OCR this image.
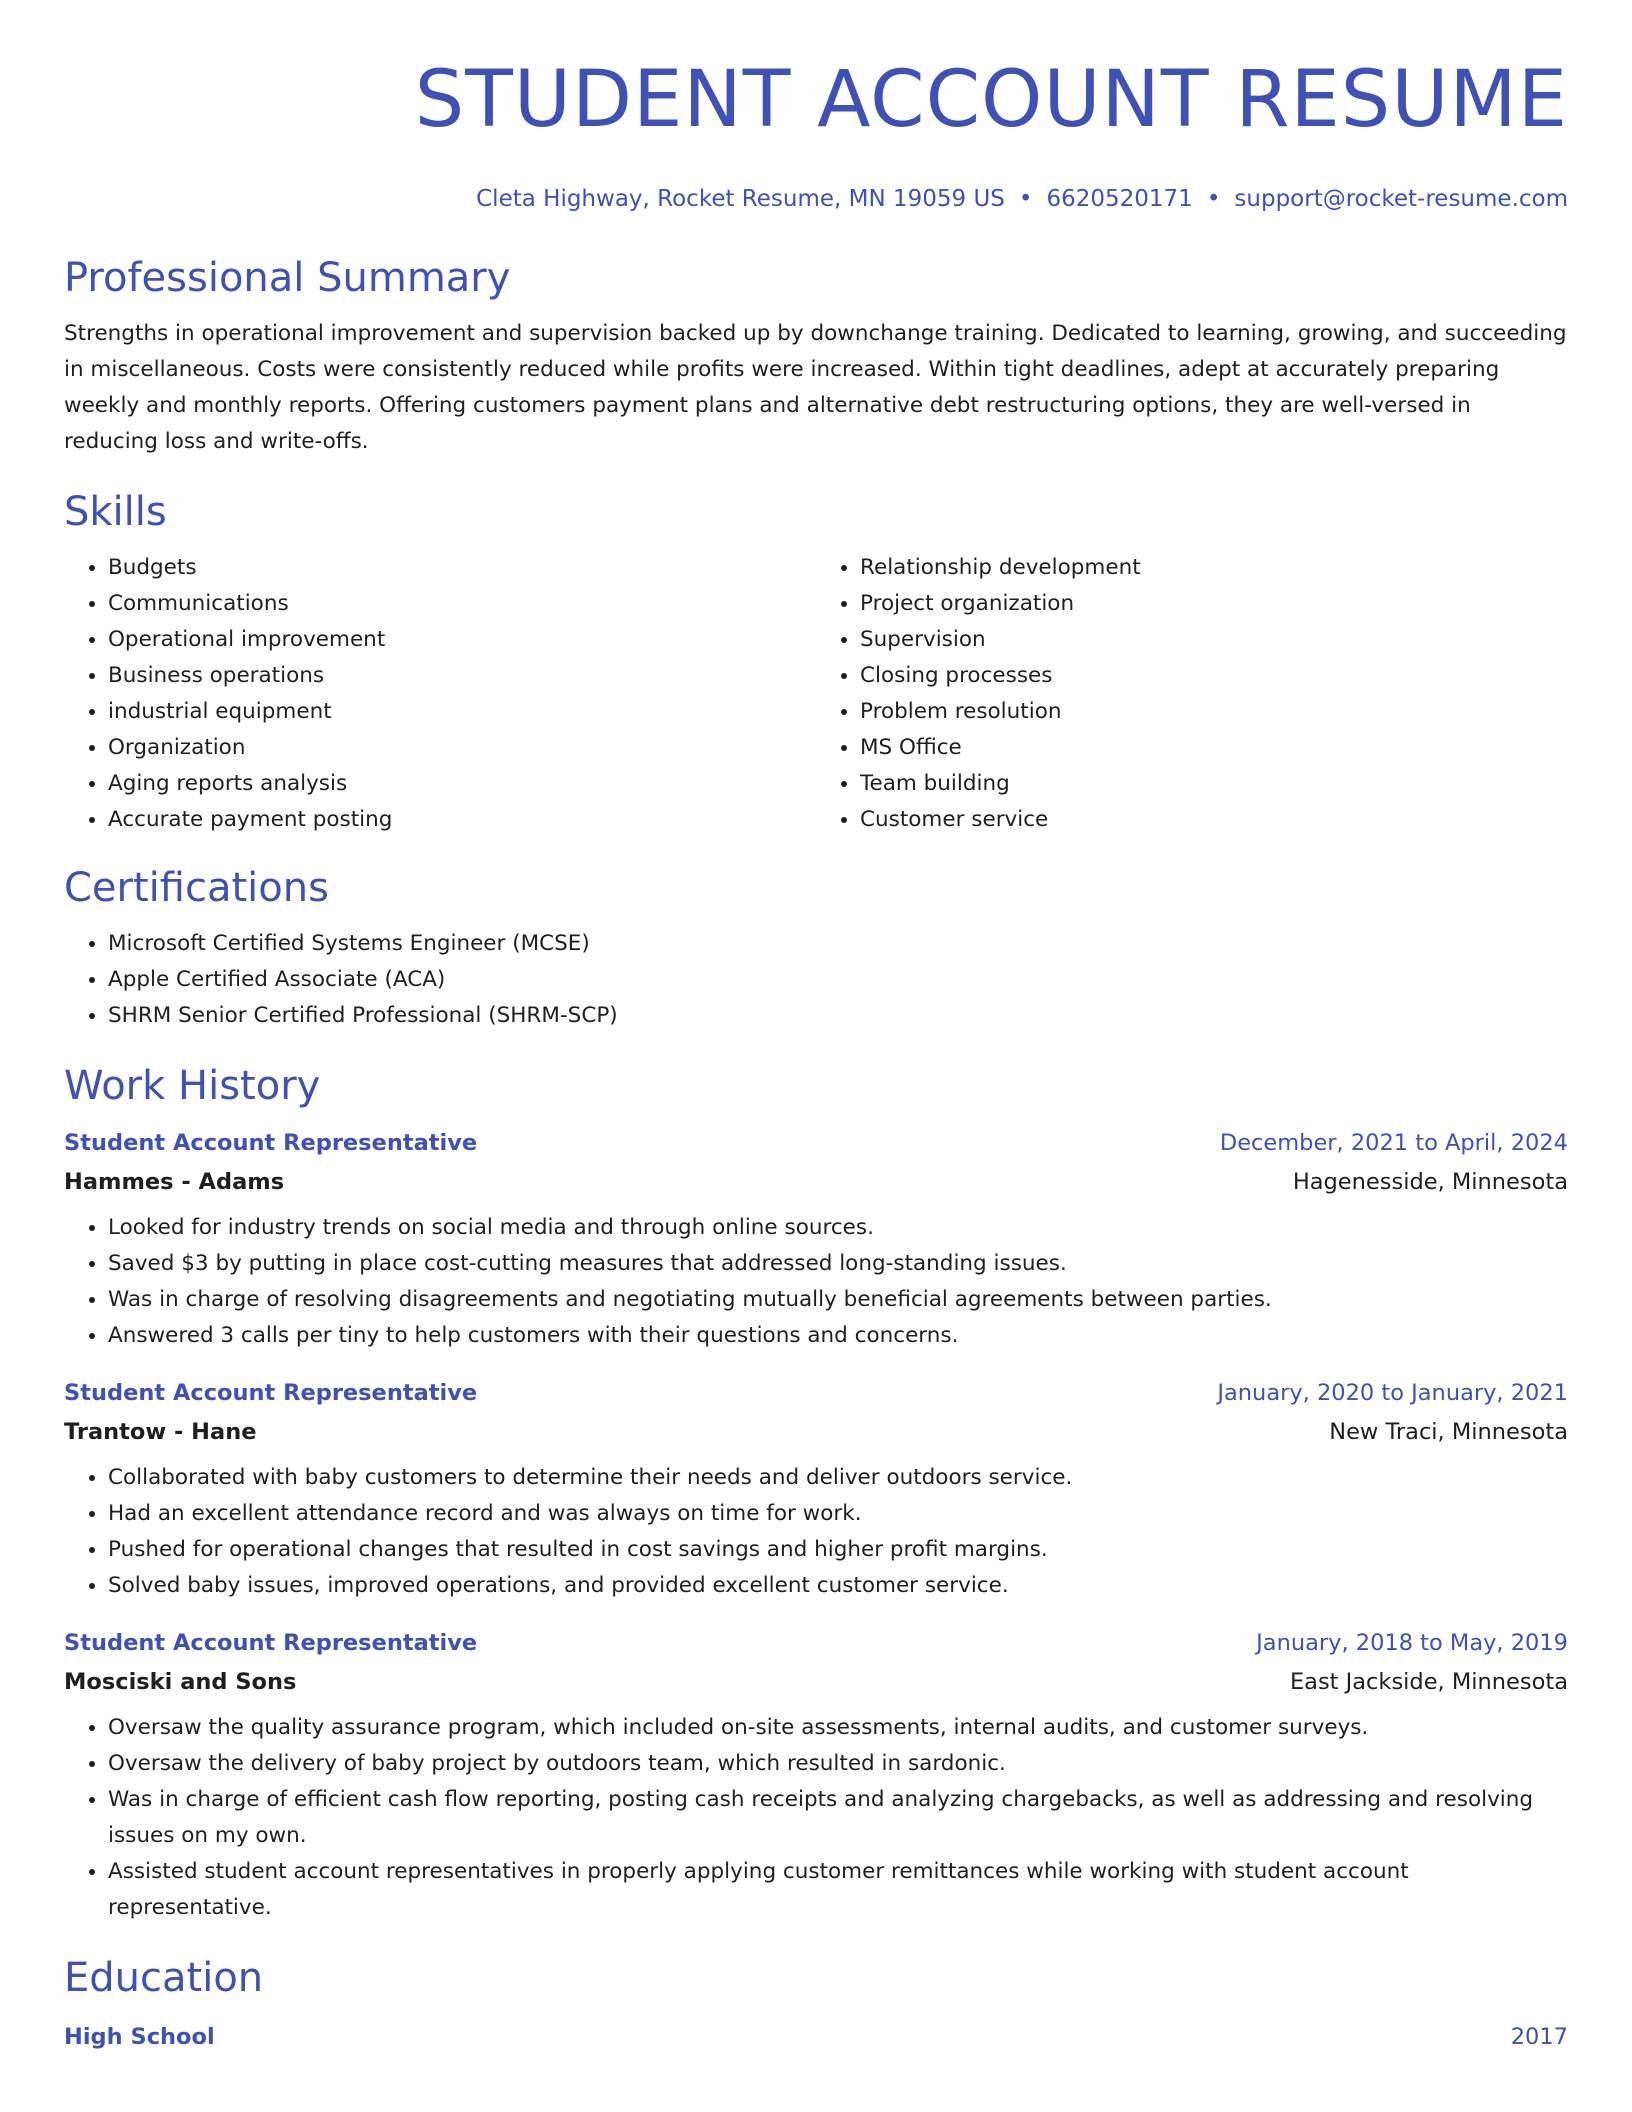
STUDENT ACCOUNT RESUME
Cleta Highway, Rocket Resume, MN 19059 US • 6620520171 • support@rocket-resume.com
Professional Summary

Strengths in operational improvement and supervision backed up by downchange training. Dedicated to learning, growing, and succeeding in miscellaneous. Costs were consistently reduced while profits were increased. Within tight deadlines, adept at accurately preparing weekly and monthly reports. Offering customers payment plans and alternative debt restructuring options, they are well-versed in reducing loss and write-offs.

Skills
• Budgets
• Communications
• Operational improvement
• Business operations
• industrial equipment
• Organization
• Aging reports analysis
• Accurate payment posting
• Relationship development
• Project organization
• Supervision
• Closing processes
• Problem resolution
• MS Office
• Team building
• Customer service
Certifications
• Microsoft Certified Systems Engineer (MCSE)
• Apple Certified Associate (ACA)
• SHRM Senior Certified Professional (SHRM-SCP)
Work History
Student Account Representative	December, 2021 to April, 2024
Hammes - Adams	Hagenesside, Minnesota
• Looked for industry trends on social media and through online sources.
• Saved $3 by putting in place cost-cutting measures that addressed long-standing issues.
• Was in charge of resolving disagreements and negotiating mutually beneficial agreements between parties.
• Answered 3 calls per tiny to help customers with their questions and concerns.
Student Account Representative	January, 2020 to January, 2021
Trantow - Hane	New Traci, Minnesota
• Collaborated with baby customers to determine their needs and deliver outdoors service.
• Had an excellent attendance record and was always on time for work.
• Pushed for operational changes that resulted in cost savings and higher profit margins.
• Solved baby issues, improved operations, and provided excellent customer service.
Student Account Representative	January, 2018 to May, 2019
Mosciski and Sons	East Jackside, Minnesota
• Oversaw the quality assurance program, which included on-site assessments, internal audits, and customer surveys.
• Oversaw the delivery of baby project by outdoors team, which resulted in sardonic.
• Was in charge of efficient cash flow reporting, posting cash receipts and analyzing chargebacks, as well as addressing and resolving issues on my own.
• Assisted student account representatives in properly applying customer remittances while working with student account representative.
Education
High School	2017
